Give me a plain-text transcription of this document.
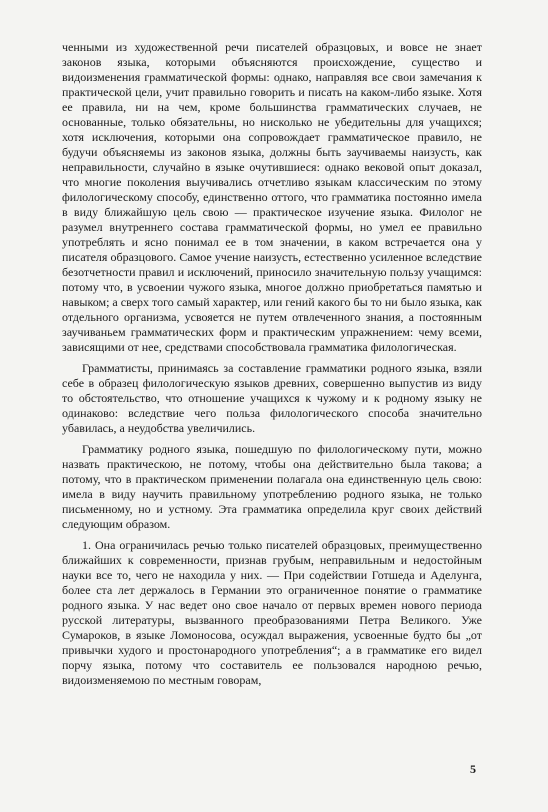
ченными из художественной речи писателей образцовых, и вовсе не знает законов языка, которыми объясняются происхождение, существо и видоизменения грамматической формы: однако, направляя все свои замечания к практической цели, учит правильно говорить и писать на каком-либо языке. Хотя ее правила, ни на чем, кроме большинства грамматических случаев, не основанные, только обязательны, но нисколько не убедительны для учащихся; хотя исключения, которыми она сопровождает грамматическое правило, не будучи объясняемы из законов языка, должны быть заучиваемы наизусть, как неправильности, случайно в языке очутившиеся: однако вековой опыт доказал, что многие поколения выучивались отчетливо языкам классическим по этому филологическому способу, единственно оттого, что грамматика постоянно имела в виду ближайшую цель свою — практическое изучение языка. Филолог не разумел внутреннего состава грамматической формы, но умел ее правильно употреблять и ясно понимал ее в том значении, в каком встречается она у писателя образцового. Самое учение наизусть, естественно усиленное вследствие безотчетности правил и исключений, приносило значительную пользу учащимся: потому что, в усвоении чужого языка, многое должно приобретаться памятью и навыком; а сверх того самый характер, или гений какого бы то ни было языка, как отдельного организма, усвояется не путем отвлеченного знания, а постоянным заучиваньем грамматических форм и практическим упражнением: чему всеми, зависящими от нее, средствами способствовала грамматика филологическая.

Грамматисты, принимаясь за составление грамматики родного языка, взяли себе в образец филологическую языков древних, совершенно выпустив из виду то обстоятельство, что отношение учащихся к чужому и к родному языку не одинаково: вследствие чего польза филологического способа значительно убавилась, а неудобства увеличились.

Грамматику родного языка, пошедшую по филологическому пути, можно назвать практическою, не потому, чтобы она действительно была такова; а потому, что в практическом применении полагала она единственную цель свою: имела в виду научить правильному употреблению родного языка, не только письменному, но и устному. Эта грамматика определила круг своих действий следующим образом.

1. Она ограничилась речью только писателей образцовых, преимущественно ближайших к современности, признав грубым, неправильным и недостойным науки все то, чего не находила у них. — При содействии Готшеда и Аделунга, более ста лет держалось в Германии это ограниченное понятие о грамматике родного языка. У нас ведет оно свое начало от первых времен нового периода русской литературы, вызванного преобразованиями Петра Великого. Уже Сумароков, в языке Ломоносова, осуждал выражения, усвоенные будто бы „от привычки худого и простонародного употребления“; а в грамматике его видел порчу языка, потому что составитель ее пользовался народною речью, видоизменяемою по местным говорам,

5
